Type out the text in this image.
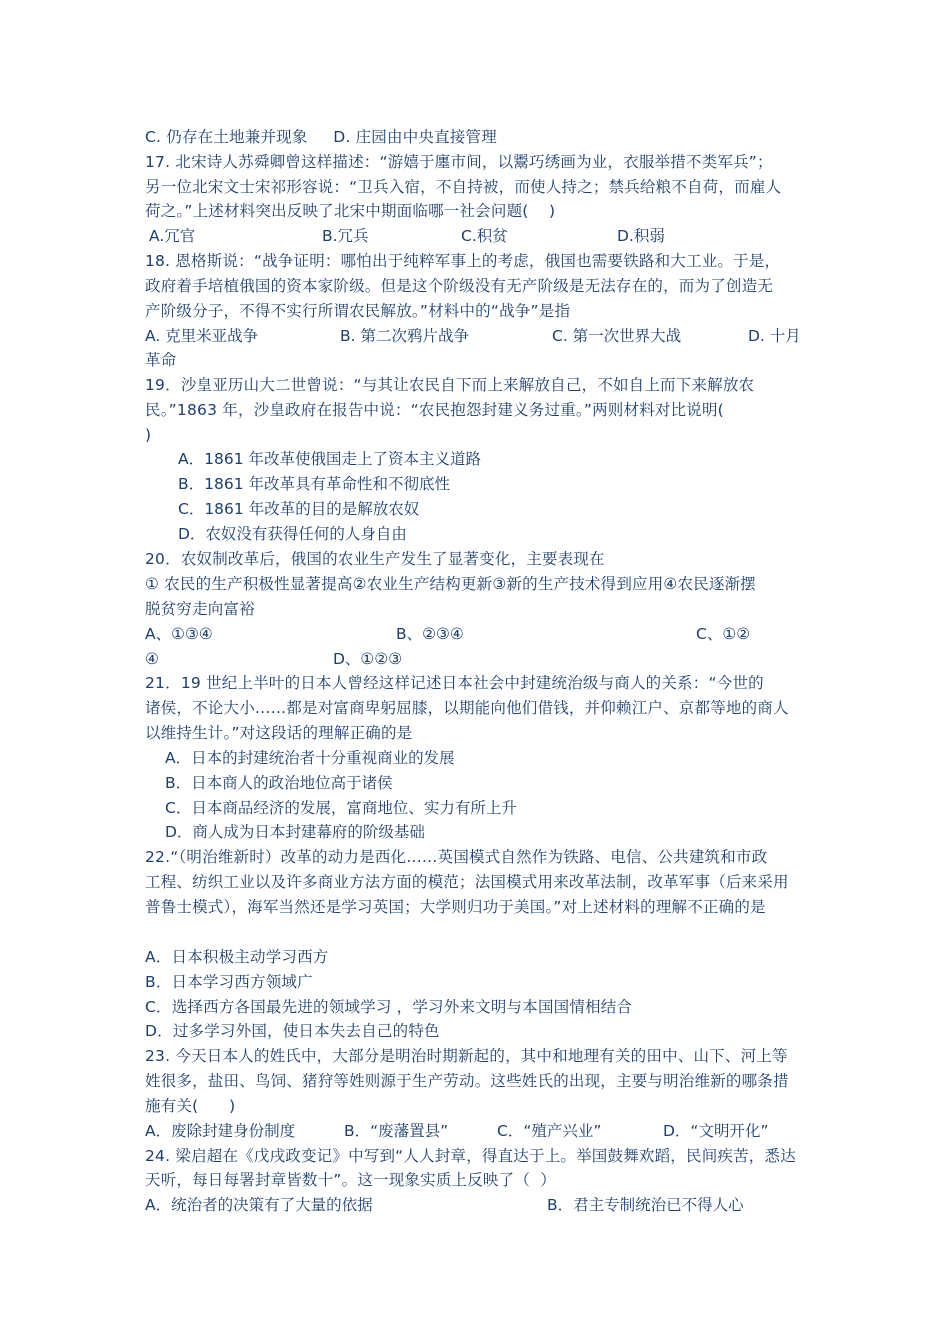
C. 仍存在土地兼并现象     D. 庄园由中央直接管理
17. 北宋诗人苏舜卿曾这样描述：“游嬉于廛市间，以鬻巧绣画为业，衣服举措不类军兵”；
另一位北宋文士宋祁形容说：“卫兵入宿，不自持被，而使人持之；禁兵给粮不自荷，而雇人
荷之。”上述材料突出反映了北宋中期面临哪一社会问题(    )
A.冗官	B.冗兵	C.积贫	D.积弱
18. 恩格斯说：“战争证明：哪怕出于纯粹军事上的考虑，俄国也需要铁路和大工业。于是，
政府着手培植俄国的资本家阶级。但是这个阶级没有无产阶级是无法存在的，而为了创造无
产阶级分子，不得不实行所谓农民解放。”材料中的“战争”是指
A. 克里米亚战争	B. 第二次鸦片战争	C. 第一次世界大战	D. 十月
革命
19．沙皇亚历山大二世曾说：“与其让农民自下而上来解放自己，不如自上而下来解放农
民。”1863 年，沙皇政府在报告中说：“农民抱怨封建义务过重。”两则材料对比说明(
)
A．1861 年改革使俄国走上了资本主义道路
B．1861 年改革具有革命性和不彻底性
C．1861 年改革的目的是解放农奴
D．农奴没有获得任何的人身自由
20．农奴制改革后，俄国的农业生产发生了显著变化，主要表现在
① 农民的生产积极性显著提高②农业生产结构更新③新的生产技术得到应用④农民逐渐摆
脱贫穷走向富裕
A、①③④	B、②③④	C、①②
④	D、①②③
21．19 世纪上半叶的日本人曾经这样记述日本社会中封建统治级与商人的关系：“今世的
诸侯，不论大小……都是对富商卑躬屈膝，以期能向他们借钱，并仰赖江户、京都等地的商人
以维持生计。”对这段话的理解正确的是
A．日本的封建统治者十分重视商业的发展
B．日本商人的政治地位高于诸侯
C．日本商品经济的发展，富商地位、实力有所上升
D．商人成为日本封建幕府的阶级基础
22.“（明治维新时）改革的动力是西化……英国模式自然作为铁路、电信、公共建筑和市政
工程、纺织工业以及许多商业方法方面的模范；法国模式用来改革法制，改革军事（后来采用
普鲁士模式），海军当然还是学习英国；大学则归功于美国。”对上述材料的理解不正确的是
A．日本积极主动学习西方
B．日本学习西方领域广
C．选择西方各国最先进的领域学习 ，学习外来文明与本国国情相结合
D．过多学习外国，使日本失去自己的特色
23. 今天日本人的姓氏中，大部分是明治时期新起的，其中和地理有关的田中、山下、河上等
姓很多，盐田、鸟饲、猪狩等姓则源于生产劳动。这些姓氏的出现，主要与明治维新的哪条措
施有关(      )
A．废除封建身份制度	B．“废藩置县”	C．“殖产兴业”	D．“文明开化”
24. 梁启超在《戊戌政变记》中写到“人人封章，得直达于上。举国鼓舞欢蹈，民间疾苦，悉达
天听，每日每署封章皆数十”。这一现象实质上反映了（  ）
A．统治者的决策有了大量的依据	B．君主专制统治已不得人心
